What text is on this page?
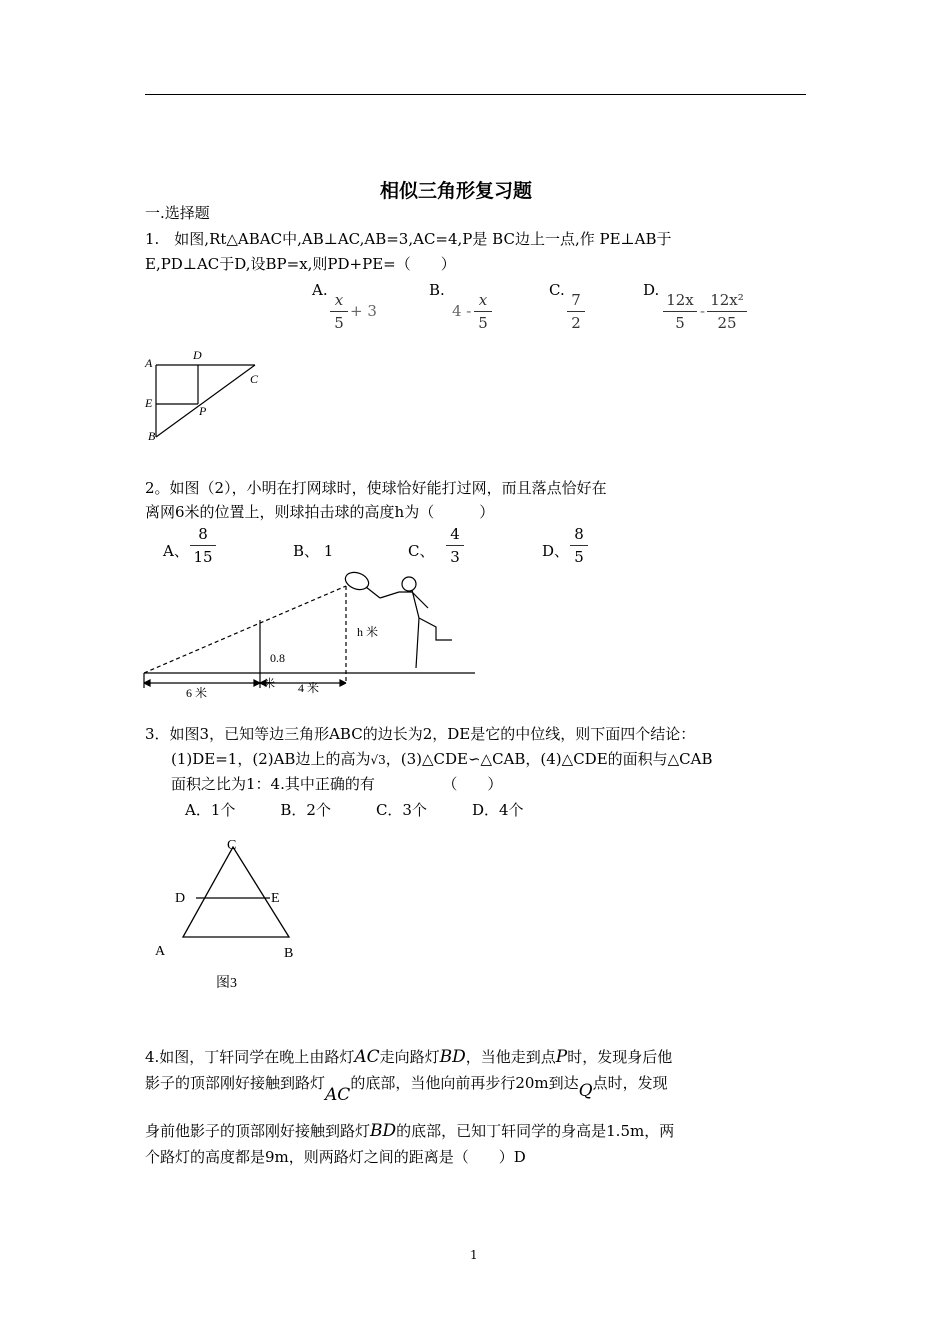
相似三角形复习题
一.选择题
1.　如图,Rt△ABAC中,AB⊥AC,AB=3,AC=4,P是 BC边上一点,作 PE⊥AB于
E,PD⊥AC于D,设BP=x,则PD+PE=（　　）
A.
x
5
+ 3
B.
4 -
x
5
C.
7
2
D.
12x
5
-
12x²
25
A
D
C
E
P
B
2。如图（2），小明在打网球时，使球恰好能打过网，而且落点恰好在
离网6米的位置上，则球拍击球的高度h为（　　　）
A、
8
15	B、 1	C、
4
3	D、
8
5
h 米
0.8
6 米
米 4 米
3．如图3，已知等边三角形ABC的边长为2，DE是它的中位线，则下面四个结论：
(1)DE=1，(2)AB边上的高为√3，(3)△CDE∽△CAB，(4)△CDE的面积与△CAB
面积之比为1：4.其中正确的有　　　　　（　　）
A．1个　　　B．2个　　　C．3个　　　D．4个
C
D	E
A	B
图3
4.如图，丁轩同学在晚上由路灯AC走向路灯BD，当他走到点P时，发现身后他
影子的顶部刚好接触到路灯AC的底部，当他向前再步行20m到达Q点时，发现
身前他影子的顶部刚好接触到路灯BD的底部，已知丁轩同学的身高是1.5m，两
个路灯的高度都是9m，则两路灯之间的距离是（　　）D
1
